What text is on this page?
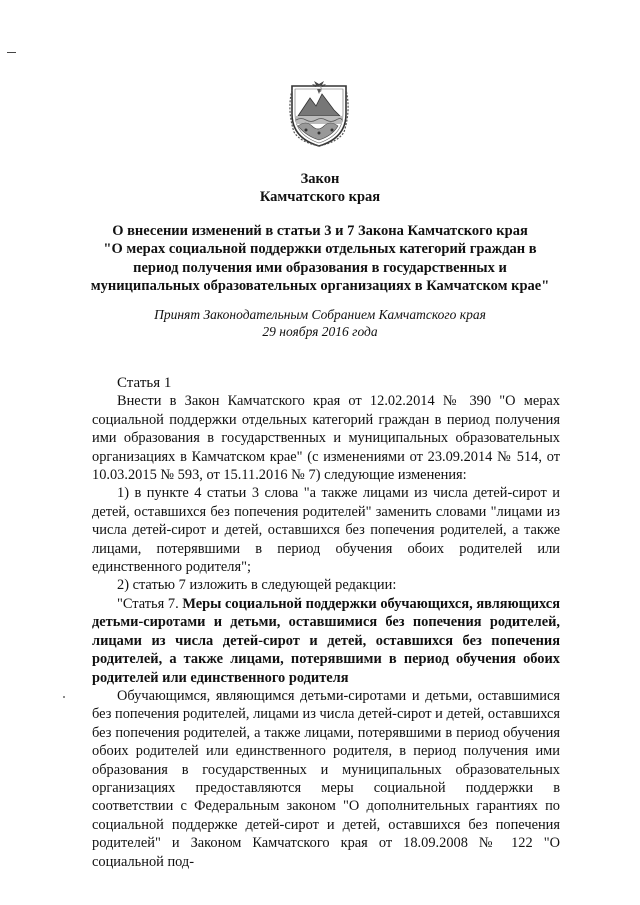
Закон
Камчатского края
О внесении изменений в статьи 3 и 7 Закона Камчатского края
"О мерах социальной поддержки отдельных категорий граждан в
период получения ими образования в государственных и
муниципальных образовательных организациях в Камчатском крае"
Принят Законодательным Собранием Камчатского края
29 ноября 2016 года

Статья 1

Внести в Закон Камчатского края от 12.02.2014 № 390 "О мерах социальной поддержки отдельных категорий граждан в период получения ими образования в государственных и муниципальных образовательных организациях в Камчатском крае" (с изменениями от 23.09.2014 № 514, от 10.03.2015 № 593, от 15.11.2016 № 7) следующие изменения:

1) в пункте 4 статьи 3 слова "а также лицами из числа детей-сирот и детей, оставшихся без попечения родителей" заменить словами "лицами из числа детей-сирот и детей, оставшихся без попечения родителей, а также лицами, потерявшими в период обучения обоих родителей или единственного родителя";

2) статью 7 изложить в следующей редакции:

"Статья 7. Меры социальной поддержки обучающихся, являющихся детьми-сиротами и детьми, оставшимися без попечения родителей, лицами из числа детей-сирот и детей, оставшихся без попечения родителей, а также лицами, потерявшими в период обучения обоих родителей или единственного родителя

Обучающимся, являющимся детьми-сиротами и детьми, оставшимися без попечения родителей, лицами из числа детей-сирот и детей, оставшихся без попечения родителей, а также лицами, потерявшими в период обучения обоих родителей или единственного родителя, в период получения ими образования в государственных и муниципальных образовательных организациях предоставляются меры социальной поддержки в соответствии с Федеральным законом "О дополнительных гарантиях по социальной поддержке детей-сирот и детей, оставшихся без попечения родителей" и Законом Камчатского края от 18.09.2008 № 122 "О социальной под-
